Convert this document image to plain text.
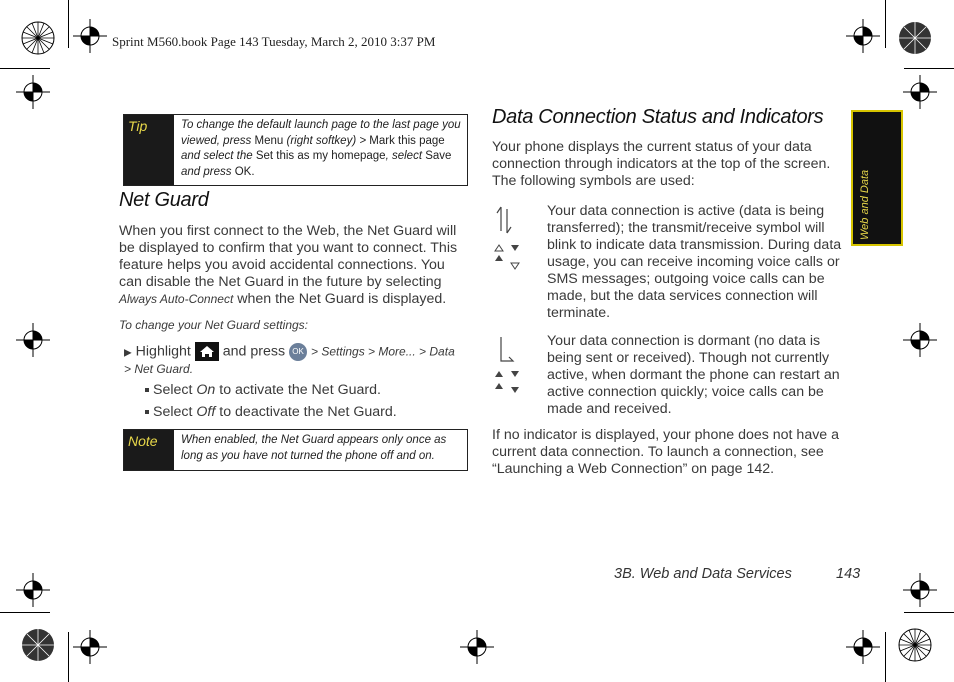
Sprint M560.book Page 143 Tuesday, March 2, 2010 3:37 PM
Tip	To change the default launch page to the last page you viewed, press Menu (right softkey) > Mark this page and select the Set this as my homepage, select Save and press OK.
Net Guard
When you first connect to the Web, the Net Guard will be displayed to confirm that you want to connect. This feature helps you avoid accidental connections. You can disable the Net Guard in the future by selecting Always Auto-Connect when the Net Guard is displayed.
To change your Net Guard settings:
▶ Highlight and press OK > Settings > More... > Data > Net Guard.
Select On to activate the Net Guard.
Select Off to deactivate the Net Guard.
Note	When enabled, the Net Guard appears only once as long as you have not turned the phone off and on.
Data Connection Status and Indicators
Your phone displays the current status of your data connection through indicators at the top of the screen. The following symbols are used:
Your data connection is active (data is being transferred); the transmit/receive symbol will blink to indicate data transmission. During data usage, you can receive incoming voice calls or SMS messages; outgoing voice calls can be made, but the data services connection will terminate.
Your data connection is dormant (no data is being sent or received). Though not currently active, when dormant the phone can restart an active connection quickly; voice calls can be made and received.
If no indicator is displayed, your phone does not have a current data connection. To launch a connection, see “Launching a Web Connection” on page 142.
Web and Data
3B. Web and Data Services	143
